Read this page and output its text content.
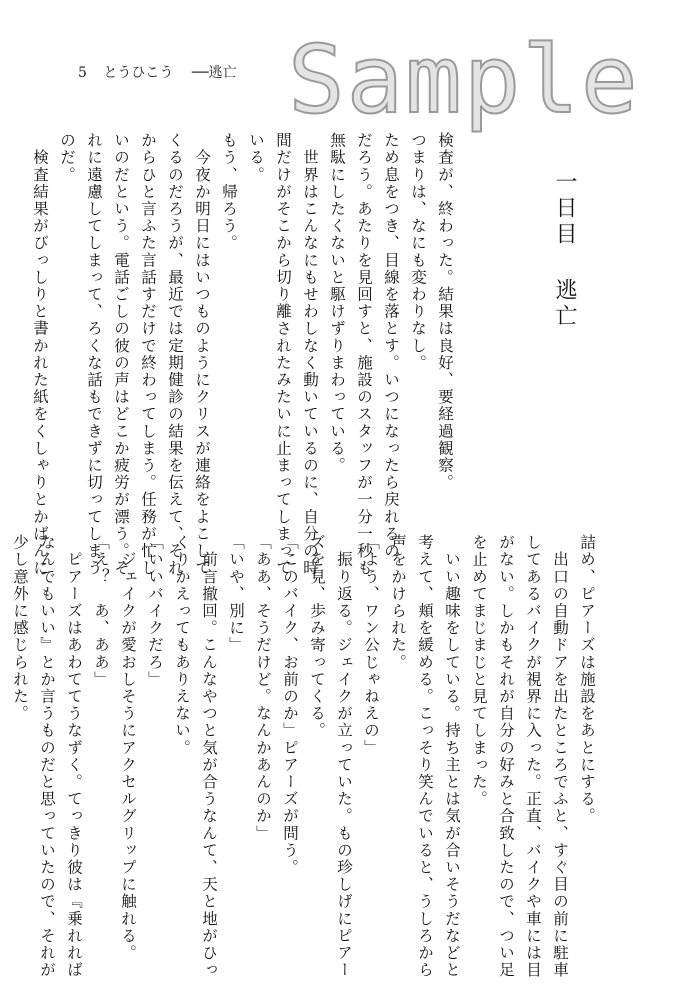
5 とうひこう ──逃亡 Sample
一日目逃亡

検査が、終わった。結果は良好、要経過観察。

つまりは、なにも変わりなし。

ため息をつき、目線を落とす。いつになったら戻れるの

だろう。あたりを見回すと、施設のスタッフが一分一秒も

無駄にしたくないと駆けずりまわっている。

　世界はこんなにもせわしなく動いているのに、自分の時

間だけがそこから切り離されたみたいに止まってしまって

いる。

もう、帰ろう。

　今夜か明日にはいつものようにクリスが連絡をよこして

くるのだろうが、最近では定期健診の結果を伝えて、それ

からひと言ふた言話すだけで終わってしまう。任務が忙し

いのだという。電話ごしの彼の声はどこか疲労が漂う。そ

れに遠慮してしまって、ろくな話もできずに切ってしまう

のだ。

　検査結果がびっしりと書かれた紙をくしゃりとかばんに

詰め、ピアーズは施設をあとにする。

　出口の自動ドアを出たところでふと、すぐ目の前に駐車

してあるバイクが視界に入った。正直、バイクや車には目

がない。しかもそれが自分の好みと合致したので、つい足

を止めてまじまじと見てしまった。

　いい趣味をしている。持ち主とは気が合いそうだなどと

考えて、頬を緩める。こっそり笑んでいると、うしろから

声をかけられた。

「よう、ワン公じゃねえの」

　振り返る。ジェイクが立っていた。もの珍しげにピアー

ズを見、歩み寄ってくる。

「このバイク、お前のか」ピアーズが問う。

「ああ、そうだけど。なんかあんのか」

「いや、別に」

　前言撤回。こんなやつと気が合うなんて、天と地がひっ

くりかえってもありえない。

「いいバイクだろ」

　ジェイクが愛おしそうにアクセルグリップに触れる。

「え？　あ、ああ」

　ピアーズはあわててうなずく。てっきり彼は『乗れれば

なんでもいい』とか言うものだと思っていたので、それが

少し意外に感じられた。
